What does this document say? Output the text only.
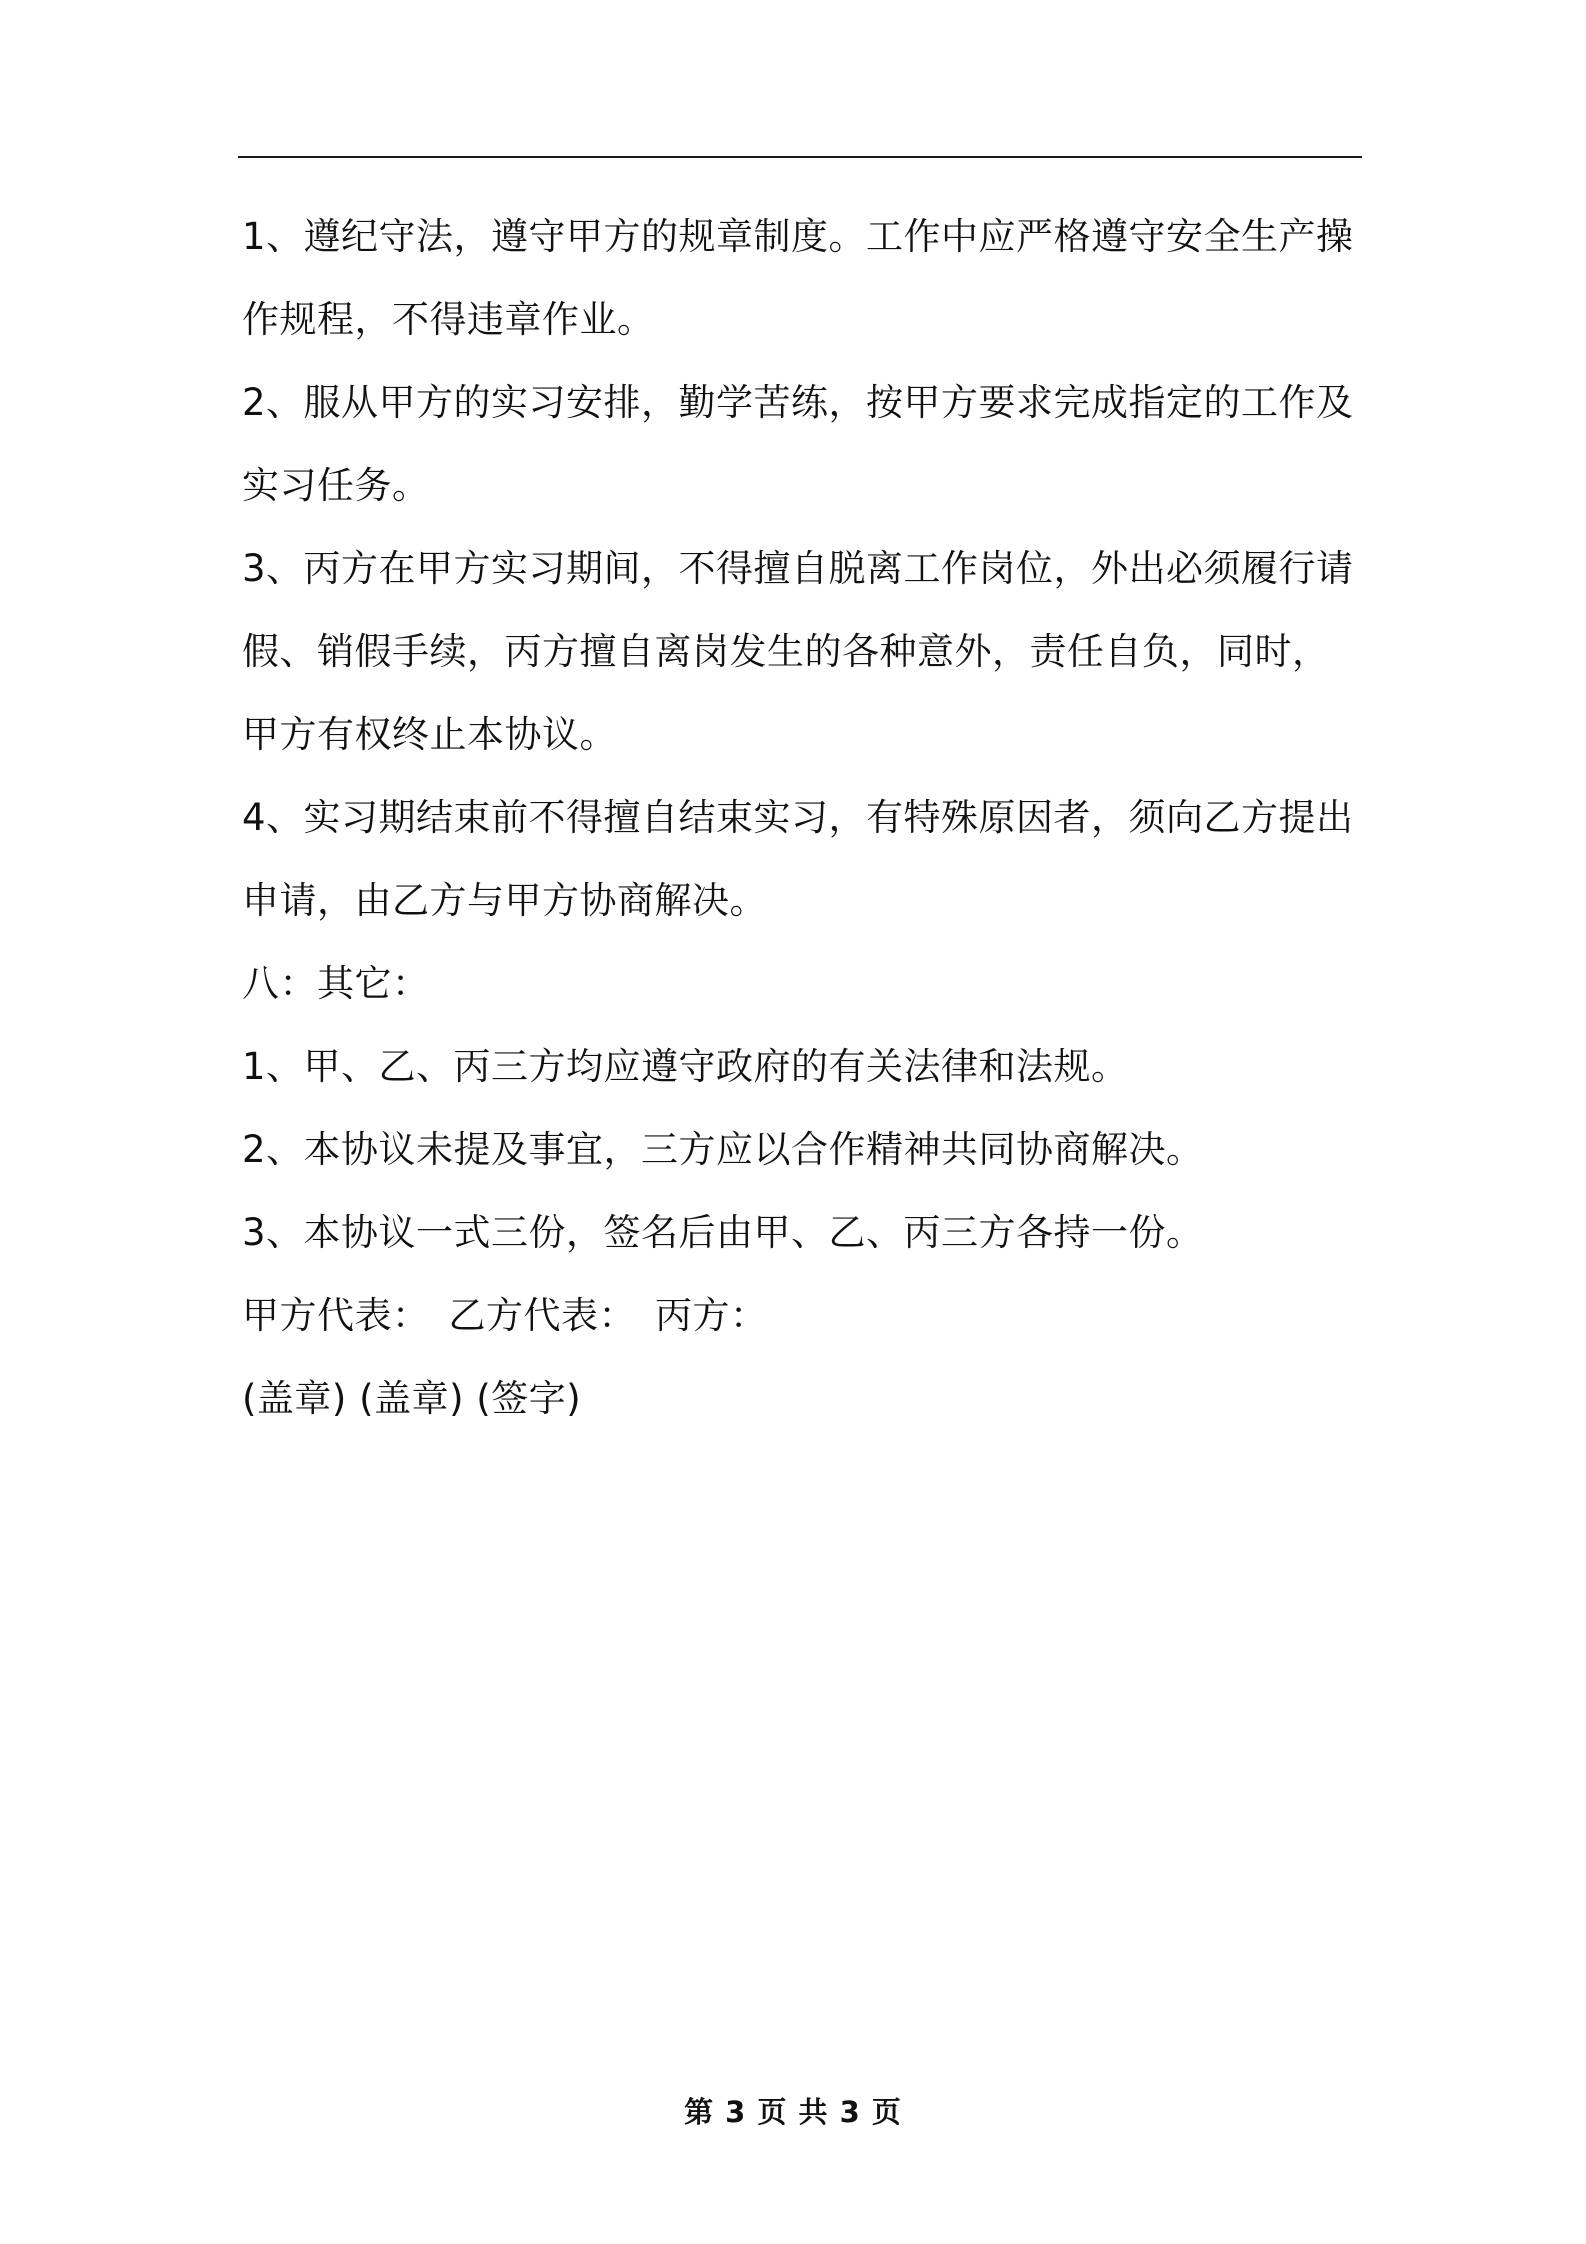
1、遵纪守法，遵守甲方的规章制度。工作中应严格遵守安全生产操作规程，不得违章作业。

2、服从甲方的实习安排，勤学苦练，按甲方要求完成指定的工作及实习任务。

3、丙方在甲方实习期间，不得擅自脱离工作岗位，外出必须履行请假、销假手续，丙方擅自离岗发生的各种意外，责任自负，同时，甲方有权终止本协议。

4、实习期结束前不得擅自结束实习，有特殊原因者，须向乙方提出申请，由乙方与甲方协商解决。

八：其它：

1、甲、乙、丙三方均应遵守政府的有关法律和法规。

2、本协议未提及事宜，三方应以合作精神共同协商解决。

3、本协议一式三份，签名后由甲、乙、丙三方各持一份。

甲方代表：　乙方代表：　丙方：

(盖章) (盖章) (签字)

第 3 页 共 3 页
